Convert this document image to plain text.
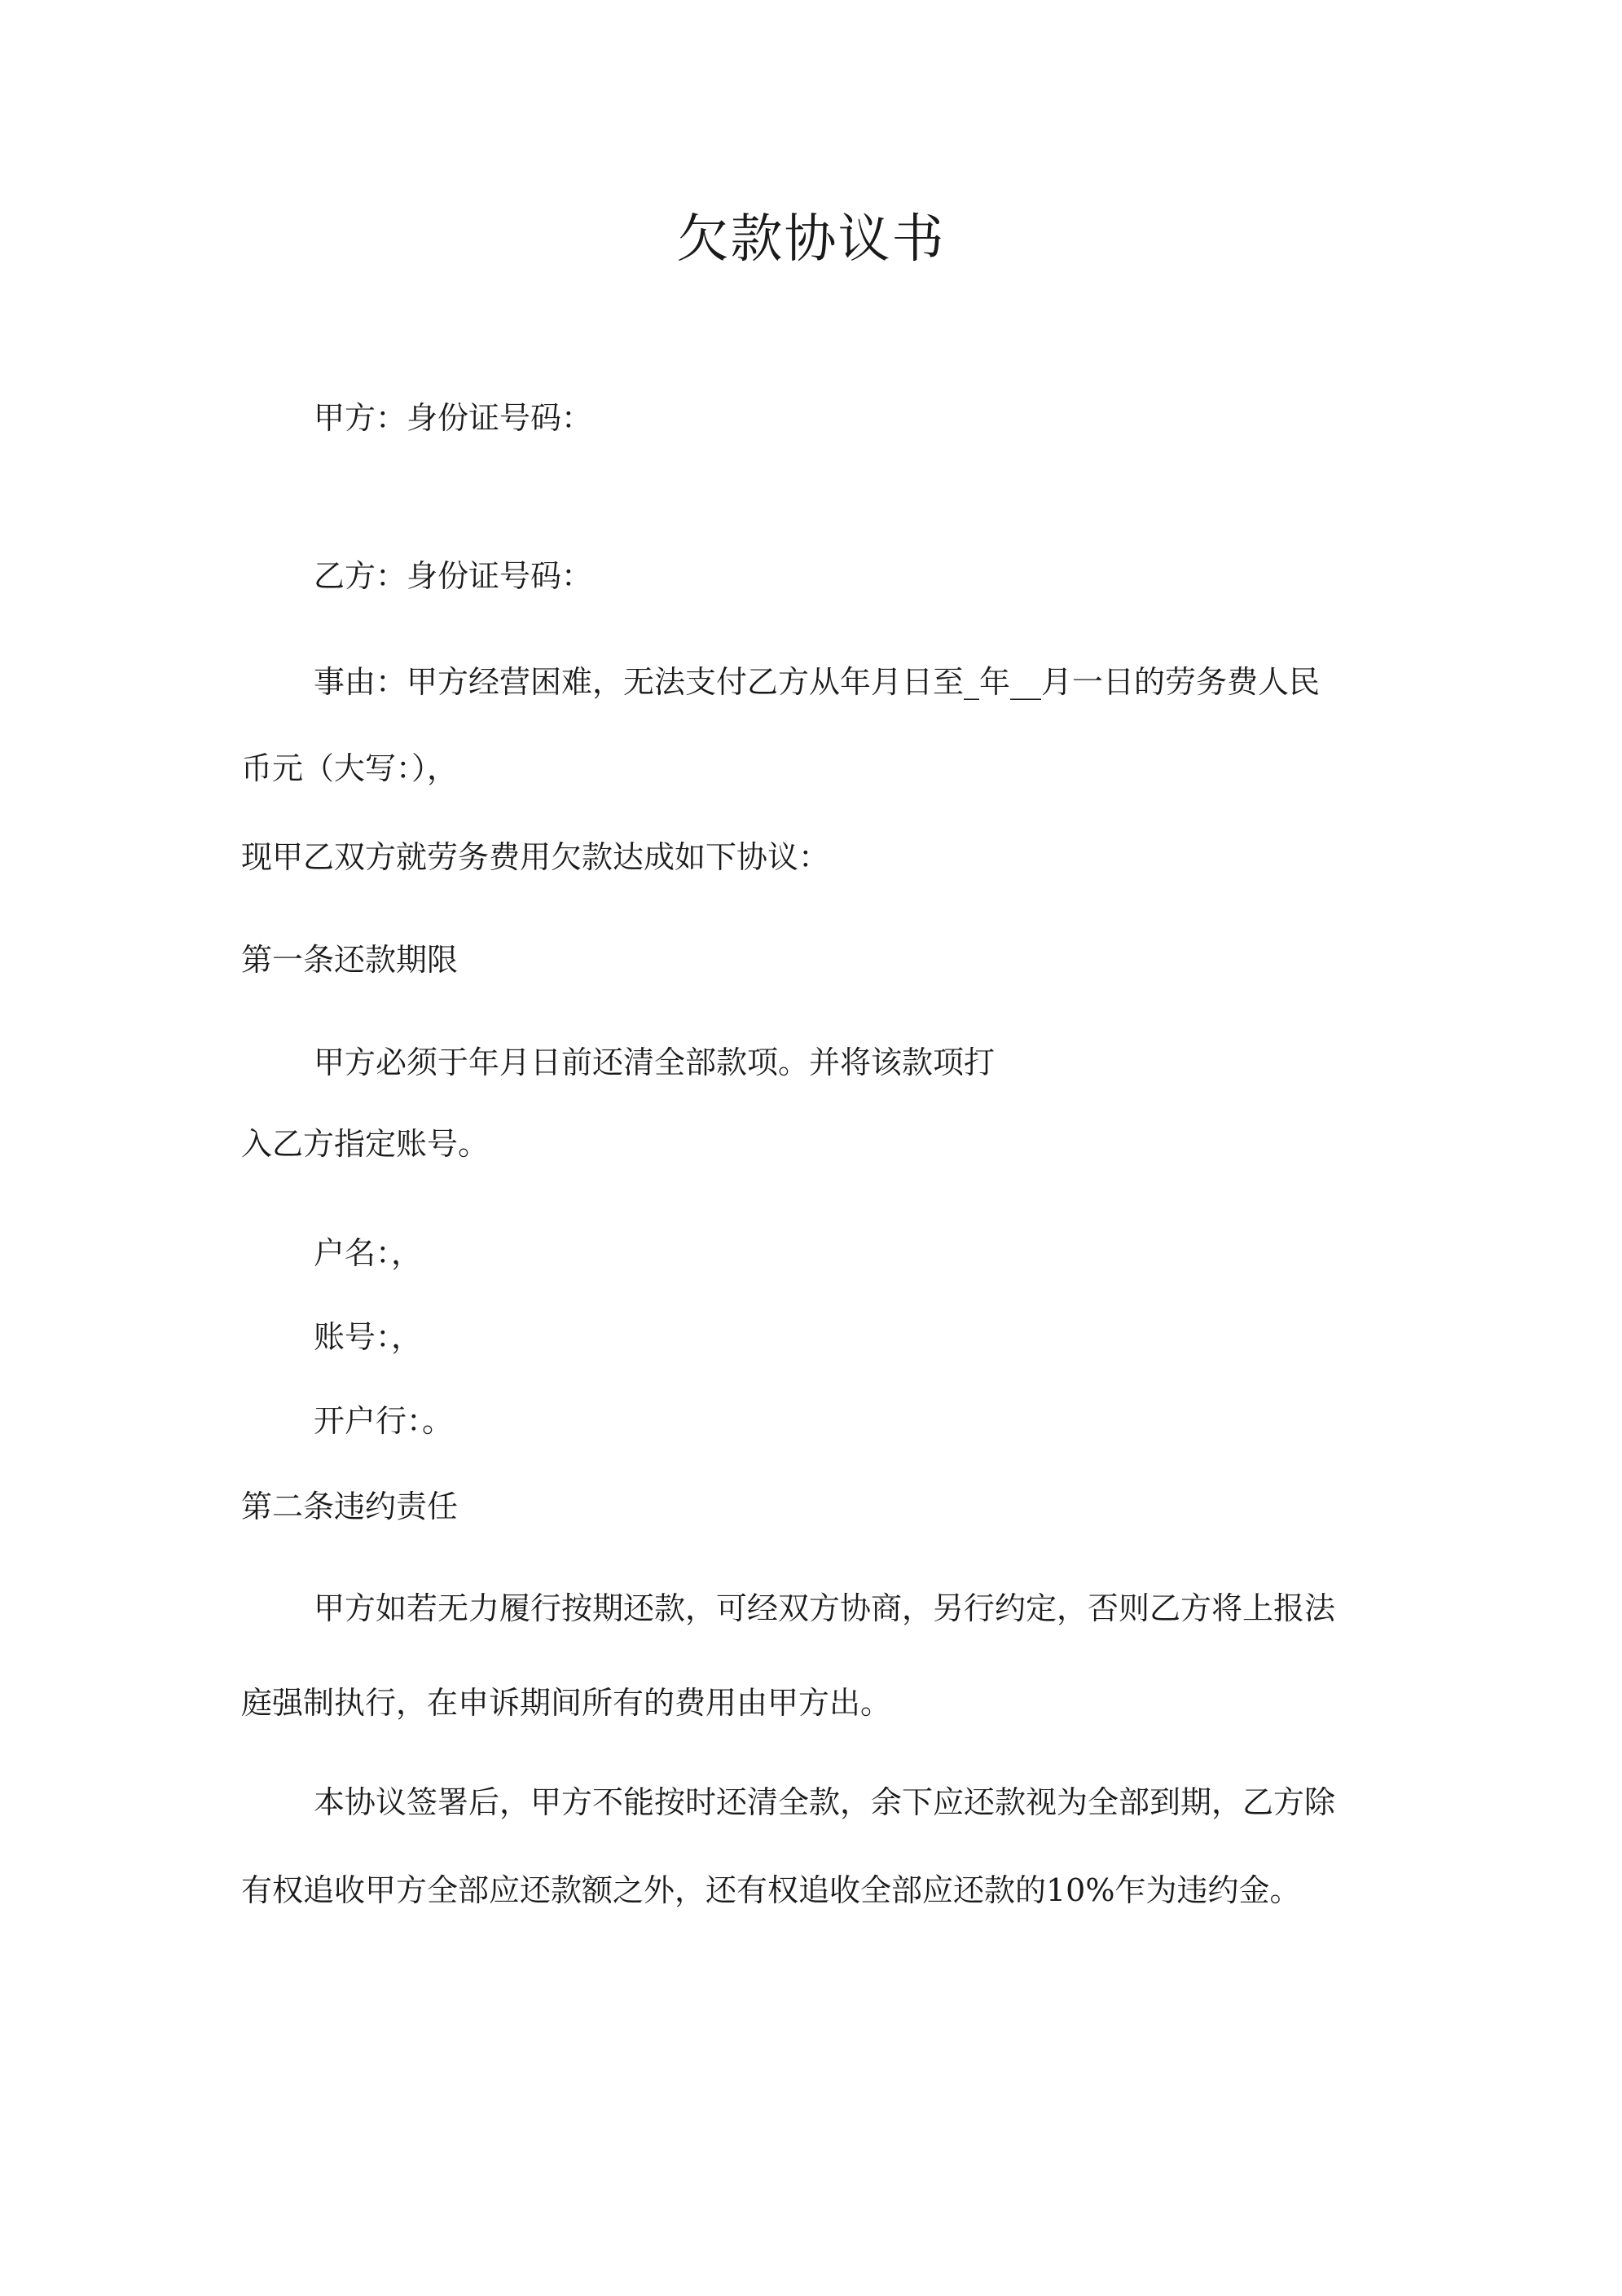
欠款协议书
甲方：身份证号码：
乙方：身份证号码：
事由：甲方经营困难，无法支付乙方从年月日至_年__月一日的劳务费人民
币元（大写：），
现甲乙双方就劳务费用欠款达成如下协议：
第一条还款期限
甲方必须于年月日前还清全部款项。并将该款项打
入乙方指定账号。
户名：，
账号：，
开户行：。
第二条违约责任
甲方如若无力履行按期还款，可经双方协商，另行约定，否则乙方将上报法
庭强制执行，在申诉期间所有的费用由甲方出。
本协议签署后，甲方不能按时还清全款，余下应还款视为全部到期，乙方除
有权追收甲方全部应还款额之外，还有权追收全部应还款的10%乍为违约金。
